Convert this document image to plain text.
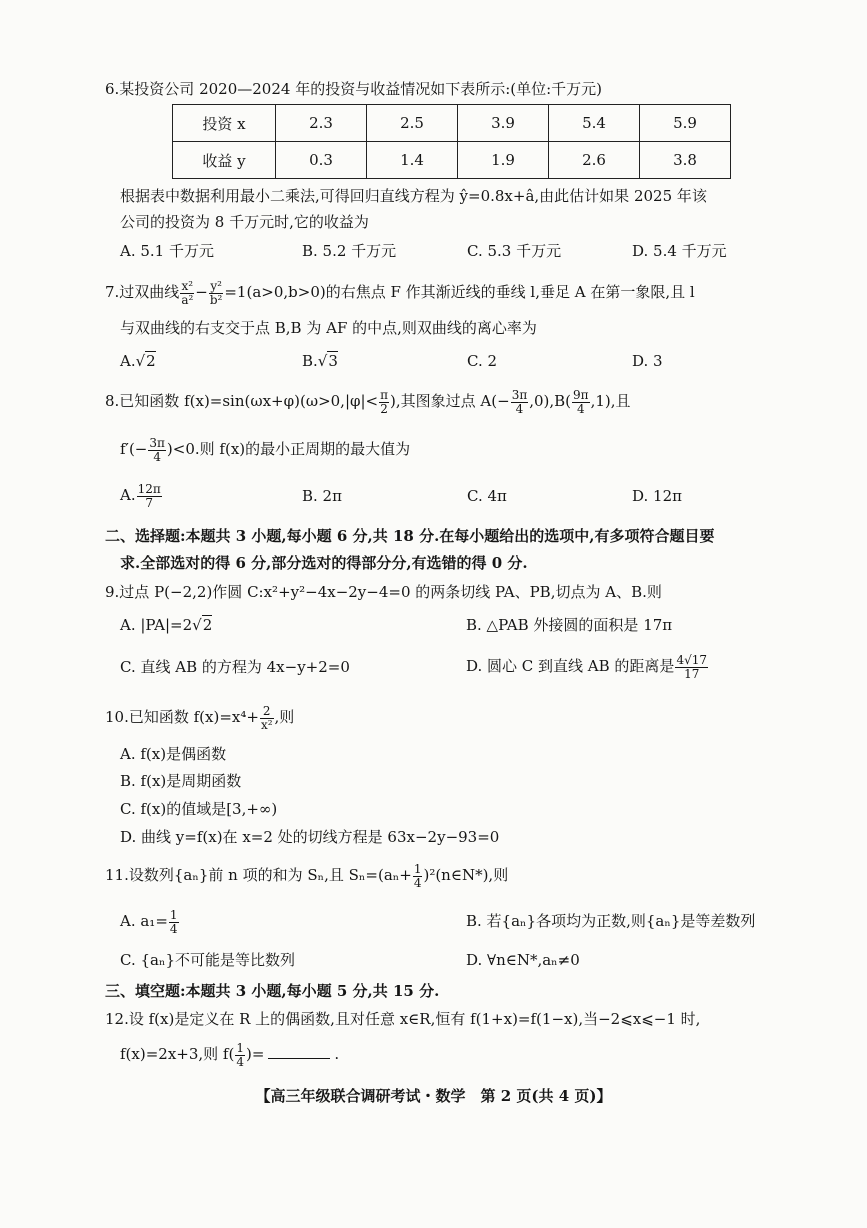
6.某投资公司 2020—2024 年的投资与收益情况如下表所示:(单位:千万元)
投资 x	2.3	2.5	3.9	5.4	5.9
收益 y	0.3	1.4	1.9	2.6	3.8
根据表中数据利用最小二乘法,可得回归直线方程为 ŷ=0.8x+â,由此估计如果 2025 年该
公司的投资为 8 千万元时,它的收益为
A. 5.1 千万元	B. 5.2 千万元	C. 5.3 千万元	D. 5.4 千万元
7.过双曲线 $\frac{\text{x²}}{\text{a²}} - \frac{\text{y²}}{\text{b²}} =1(a>0,b>0)$的右焦点 F 作其渐近线的垂线 l,垂足 A 在第一象限,且 l
与双曲线的右支交于点 B,B 为 AF 的中点,则双曲线的离心率为
A.√2	B.√3	C. 2	D. 3
8.已知函数 $f(x)=\sin(\omega x+\varphi)(\omega>0,|\varphi|< \frac{\pi}{2}$ ),其图象过点 $A(- \frac{3\pi}{4} ,0),B( \frac{9\pi}{4} ,1)$,且
$f'(- \frac{3\pi}{4} )<0$.则 f(x)的最小正周期的最大值为
A. $\frac{12\pi}{7}$	B. 2π	C. 4π	D. 12π
二、选择题:本题共 3 小题,每小题 6 分,共 18 分.在每小题给出的选项中,有多项符合题目要
求.全部选对的得 6 分,部分选对的得部分分,有选错的得 0 分.
9.过点 P(−2,2)作圆 C:x²+y²−4x−2y−4=0 的两条切线 PA、PB,切点为 A、B.则
A. |PA|=2√2	B. △PAB 外接圆的面积是 17π
C. 直线 AB 的方程为 4x−y+2=0	D. 圆心 C 到直线 AB 的距离是 $\frac{4√17}{17}$
10.已知函数 $f(x)=x^4+ \frac{2}{\text{x²}}$ ,则
A. f(x)是偶函数
B. f(x)是周期函数
C. f(x)的值域是[3,+∞)
D. 曲线 y=f(x)在 x=2 处的切线方程是 63x−2y−93=0
11.设数列{aₙ}前 n 项的和为 Sₙ,且 $S_n=(a_n+ \frac{1}{4}$ )²(n∈N*),则
A. $a_1= \frac{1}{4}$	B. 若{aₙ}各项均为正数,则{aₙ}是等差数列
C. {aₙ}不可能是等比数列	D. ∀n∈N*,aₙ≠0
三、填空题:本题共 3 小题,每小题 5 分,共 15 分.
12.设 f(x)是定义在 R 上的偶函数,且对任意 x∈R,恒有 f(1+x)=f(1−x),当−2⩽x⩽−1 时,
f(x)=2x+3,则 $f( \frac{1}{4}$ )=	.
【高三年级联合调研考试・数学　第 2 页(共 4 页)】
